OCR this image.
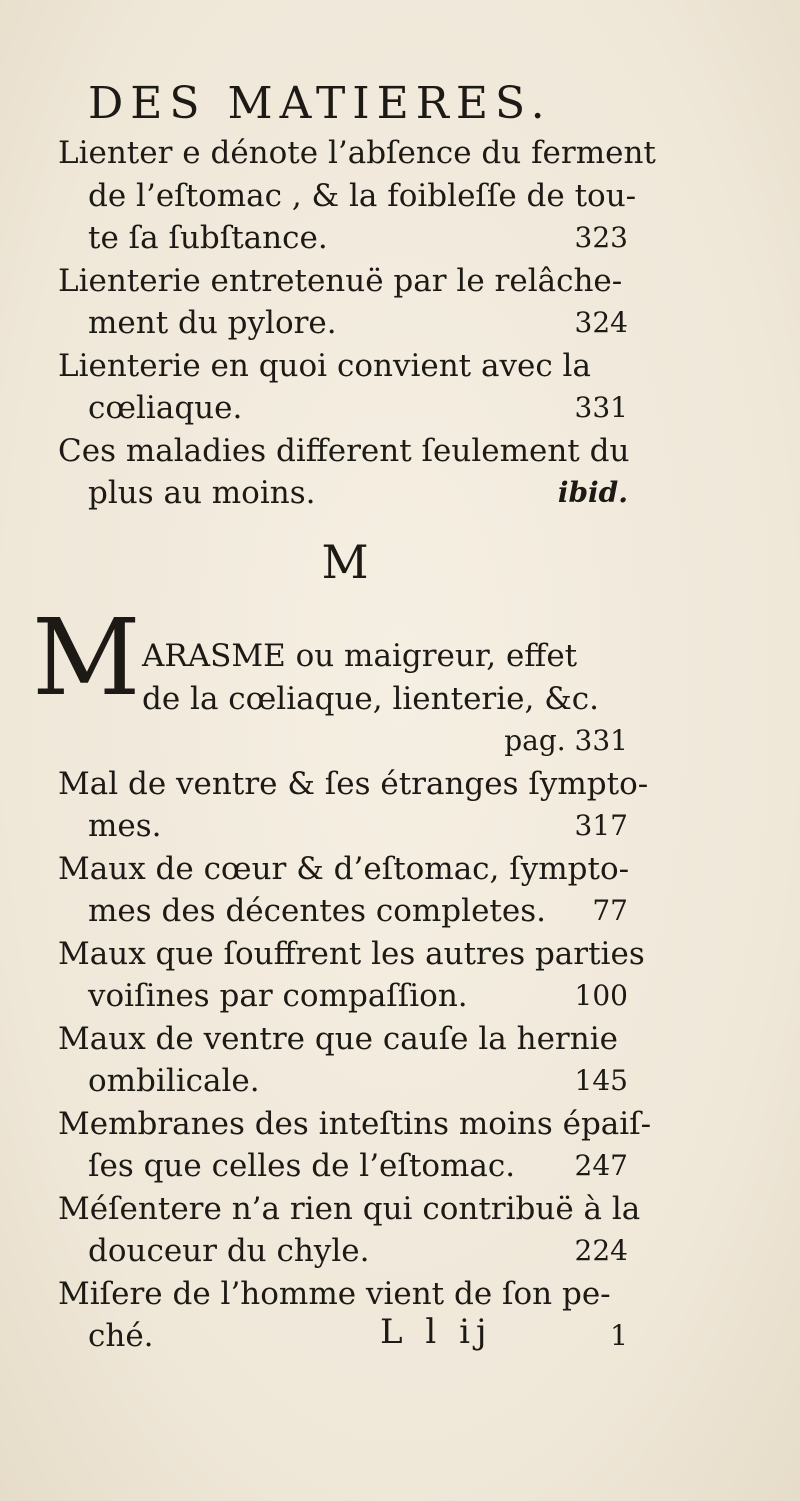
DES MATIERES.
Lienter e dénote l’abſence du ferment
de l’eſtomac , & la foibleſſe de tou-
te ſa ſubſtance.	323
Lienterie entretenuë par le relâche-
ment du pylore.	324
Lienterie en quoi convient avec la
cœliaque.	331
Ces maladies different ſeulement du
plus au moins.	ibid.
M
M ARASME ou maigreur, effet
de la cœliaque, lienterie, &c.
pag. 331
Mal de ventre & ſes étranges ſympto-
mes.	317
Maux de cœur & d’eſtomac, ſympto-
mes des décentes completes. 77
Maux que ſouffrent les autres parties
voiſines par compaſſion.	100
Maux de ventre que cauſe la hernie
ombilicale.	145
Membranes des inteſtins moins épaiſ-
ſes que celles de l’eſtomac. 247
Méſentere n’a rien qui contribuë à la
douceur du chyle.	224
Miſere de l’homme vient de ſon pe-
ché.	1
L l ij
